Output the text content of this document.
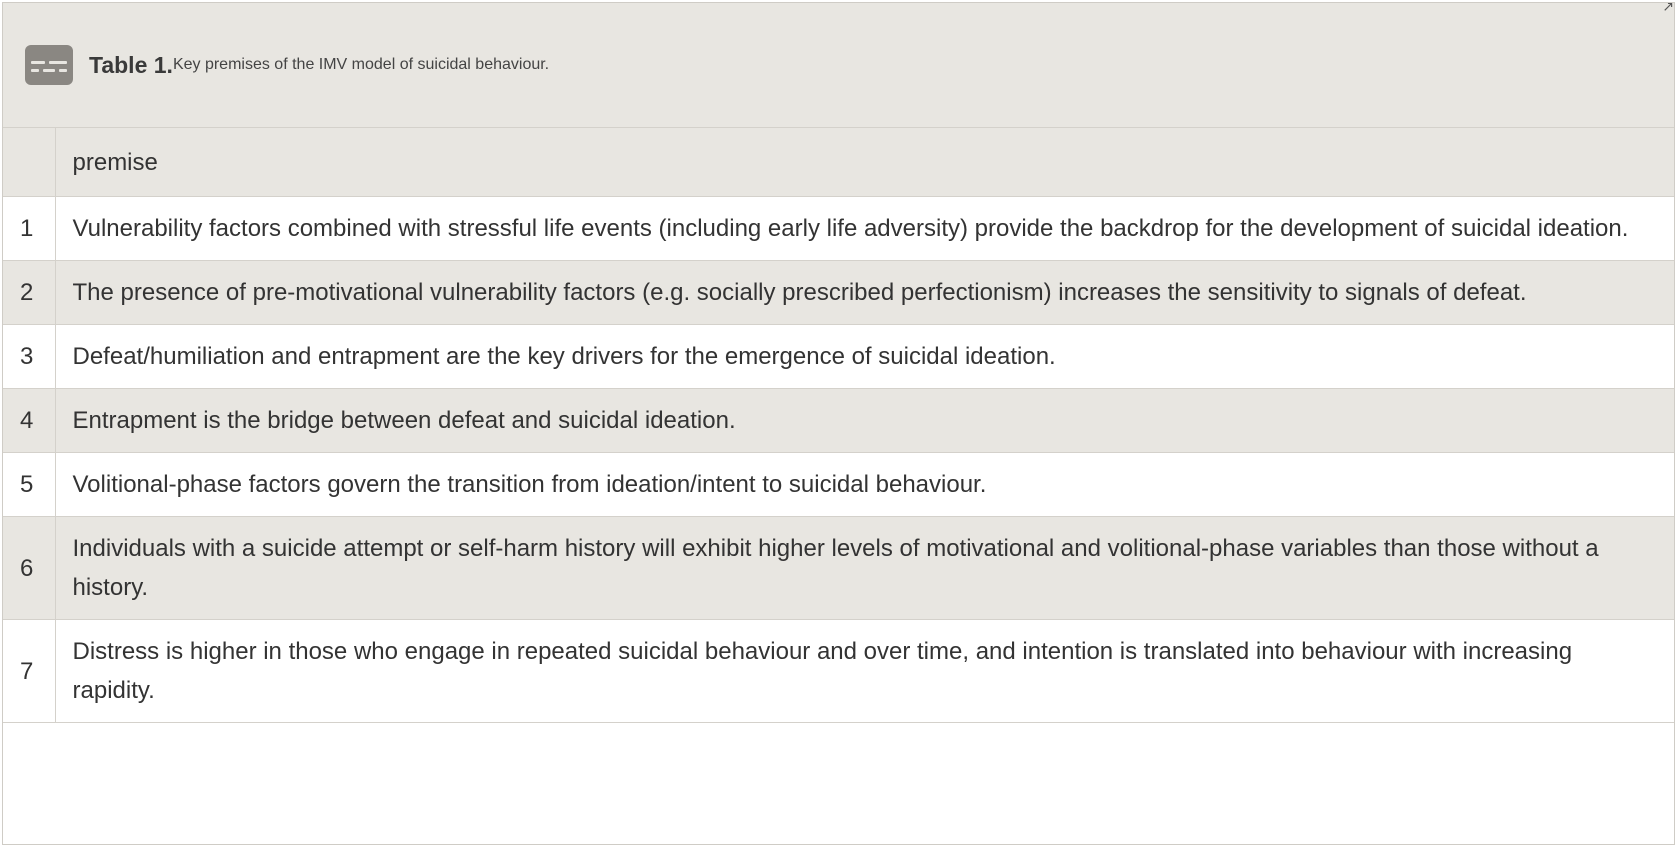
↗
Table 1. Key premises of the IMV model of suicidal behaviour.
	premise
1	Vulnerability factors combined with stressful life events (including early life adversity) provide the backdrop for the development of suicidal ideation.
2	The presence of pre-motivational vulnerability factors (e.g. socially prescribed perfectionism) increases the sensitivity to signals of defeat.
3	Defeat/humiliation and entrapment are the key drivers for the emergence of suicidal ideation.
4	Entrapment is the bridge between defeat and suicidal ideation.
5	Volitional-phase factors govern the transition from ideation/intent to suicidal behaviour.
6	Individuals with a suicide attempt or self-harm history will exhibit higher levels of motivational and volitional-phase variables than those without a history.
7	Distress is higher in those who engage in repeated suicidal behaviour and over time, and intention is translated into behaviour with increasing rapidity.
